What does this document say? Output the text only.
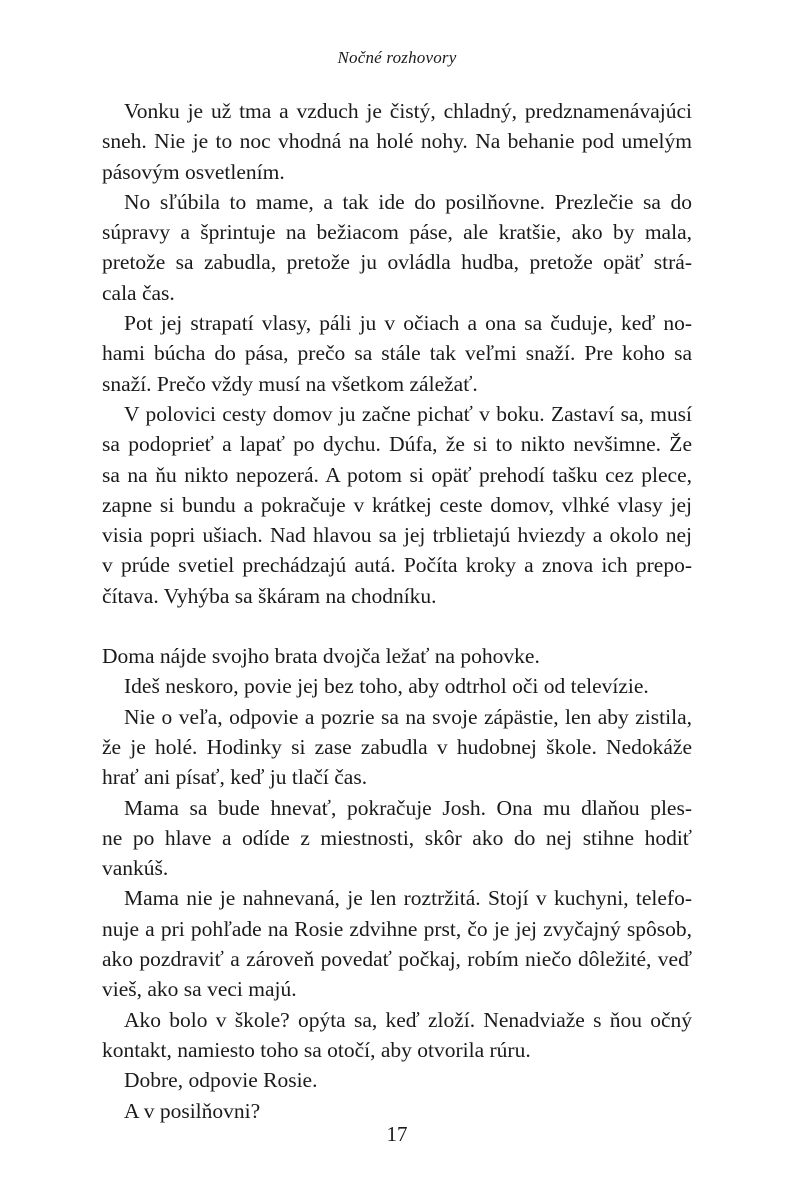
Nočné rozhovory
Vonku je už tma a vzduch je čistý, chladný, predznamenávajúci
sneh. Nie je to noc vhodná na holé nohy. Na behanie pod umelým
pásovým osvetlením.
No sľúbila to mame, a tak ide do posilňovne. Prezlečie sa do
súpravy a šprintuje na bežiacom páse, ale kratšie, ako by mala,
pretože sa zabudla, pretože ju ovládla hudba, pretože opäť strá-
cala čas.
Pot jej strapatí vlasy, páli ju v očiach a ona sa čuduje, keď no-
hami búcha do pása, prečo sa stále tak veľmi snaží. Pre koho sa
snaží. Prečo vždy musí na všetkom záležať.
V polovici cesty domov ju začne pichať v boku. Zastaví sa, musí
sa podoprieť a lapať po dychu. Dúfa, že si to nikto nevšimne. Že
sa na ňu nikto nepozerá. A potom si opäť prehodí tašku cez plece,
zapne si bundu a pokračuje v krátkej ceste domov, vlhké vlasy jej
visia popri ušiach. Nad hlavou sa jej trblietajú hviezdy a okolo nej
v prúde svetiel prechádzajú autá. Počíta kroky a znova ich prepo-
čítava. Vyhýba sa škáram na chodníku.
Doma nájde svojho brata dvojča ležať na pohovke.
Ideš neskoro, povie jej bez toho, aby odtrhol oči od televízie.
Nie o veľa, odpovie a pozrie sa na svoje zápästie, len aby zistila,
že je holé. Hodinky si zase zabudla v hudobnej škole. Nedokáže
hrať ani písať, keď ju tlačí čas.
Mama sa bude hnevať, pokračuje Josh. Ona mu dlaňou ples-
ne po hlave a odíde z miestnosti, skôr ako do nej stihne hodiť
vankúš.
Mama nie je nahnevaná, je len roztržitá. Stojí v kuchyni, telefo-
nuje a pri pohľade na Rosie zdvihne prst, čo je jej zvyčajný spôsob,
ako pozdraviť a zároveň povedať počkaj, robím niečo dôležité, veď
vieš, ako sa veci majú.
Ako bolo v škole? opýta sa, keď zloží. Nenadviaže s ňou očný
kontakt, namiesto toho sa otočí, aby otvorila rúru.
Dobre, odpovie Rosie.
A v posilňovni?
17
